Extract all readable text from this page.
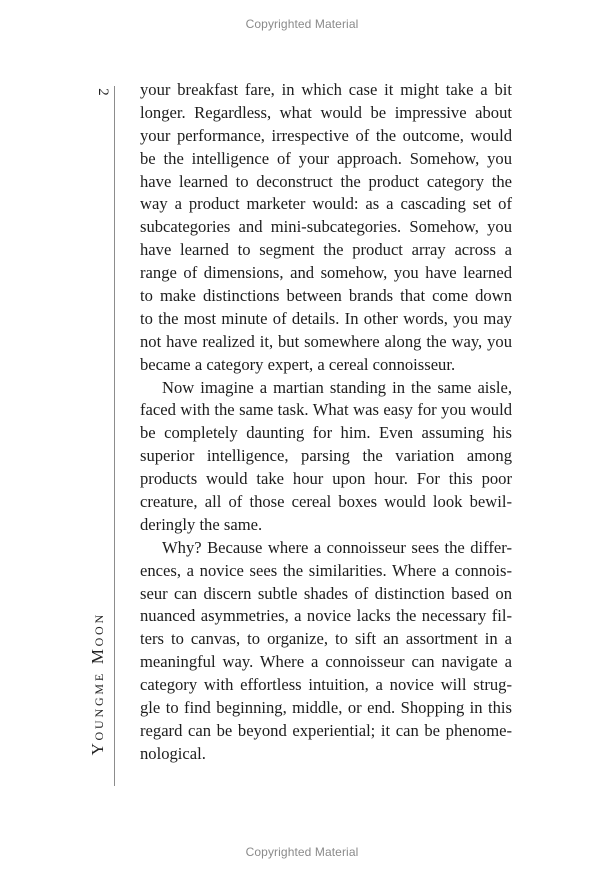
Copyrighted Material
2
YOUNGME MOON
your breakfast fare, in which case it might take a bit
longer. Regardless, what would be impressive about
your performance, irrespective of the outcome, would
be the intelligence of your approach. Somehow, you
have learned to deconstruct the product category the
way a product marketer would: as a cascading set of
subcategories and mini-subcategories. Somehow, you
have learned to segment the product array across a
range of dimensions, and somehow, you have learned
to make distinctions between brands that come down
to the most minute of details. In other words, you may
not have realized it, but somewhere along the way, you
became a category expert, a cereal connoisseur.
Now imagine a martian standing in the same aisle,
faced with the same task. What was easy for you would
be completely daunting for him. Even assuming his
superior intelligence, parsing the variation among
products would take hour upon hour. For this poor
creature, all of those cereal boxes would look bewil-
deringly the same.
Why? Because where a connoisseur sees the differ-
ences, a novice sees the similarities. Where a connois-
seur can discern subtle shades of distinction based on
nuanced asymmetries, a novice lacks the necessary fil-
ters to canvas, to organize, to sift an assortment in a
meaningful way. Where a connoisseur can navigate a
category with effortless intuition, a novice will strug-
gle to find beginning, middle, or end. Shopping in this
regard can be beyond experiential; it can be phenome-
nological.
Copyrighted Material
